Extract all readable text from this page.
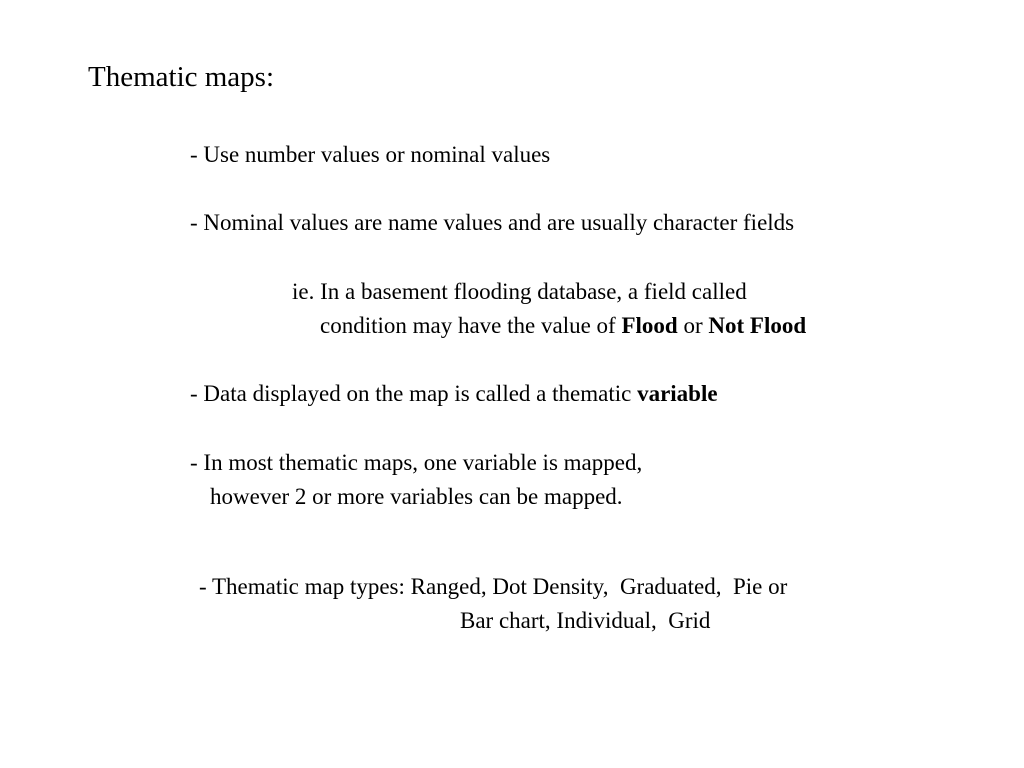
Thematic maps:
- Use number values or nominal values
- Nominal values are name values and are usually character fields
ie. In a basement flooding database, a field called
condition may have the value of Flood or Not Flood
- Data displayed on the map is called a thematic variable
- In most thematic maps, one variable is mapped,
however 2 or more variables can be mapped.
- Thematic map types: Ranged, Dot Density,  Graduated,  Pie or
Bar chart, Individual,  Grid
